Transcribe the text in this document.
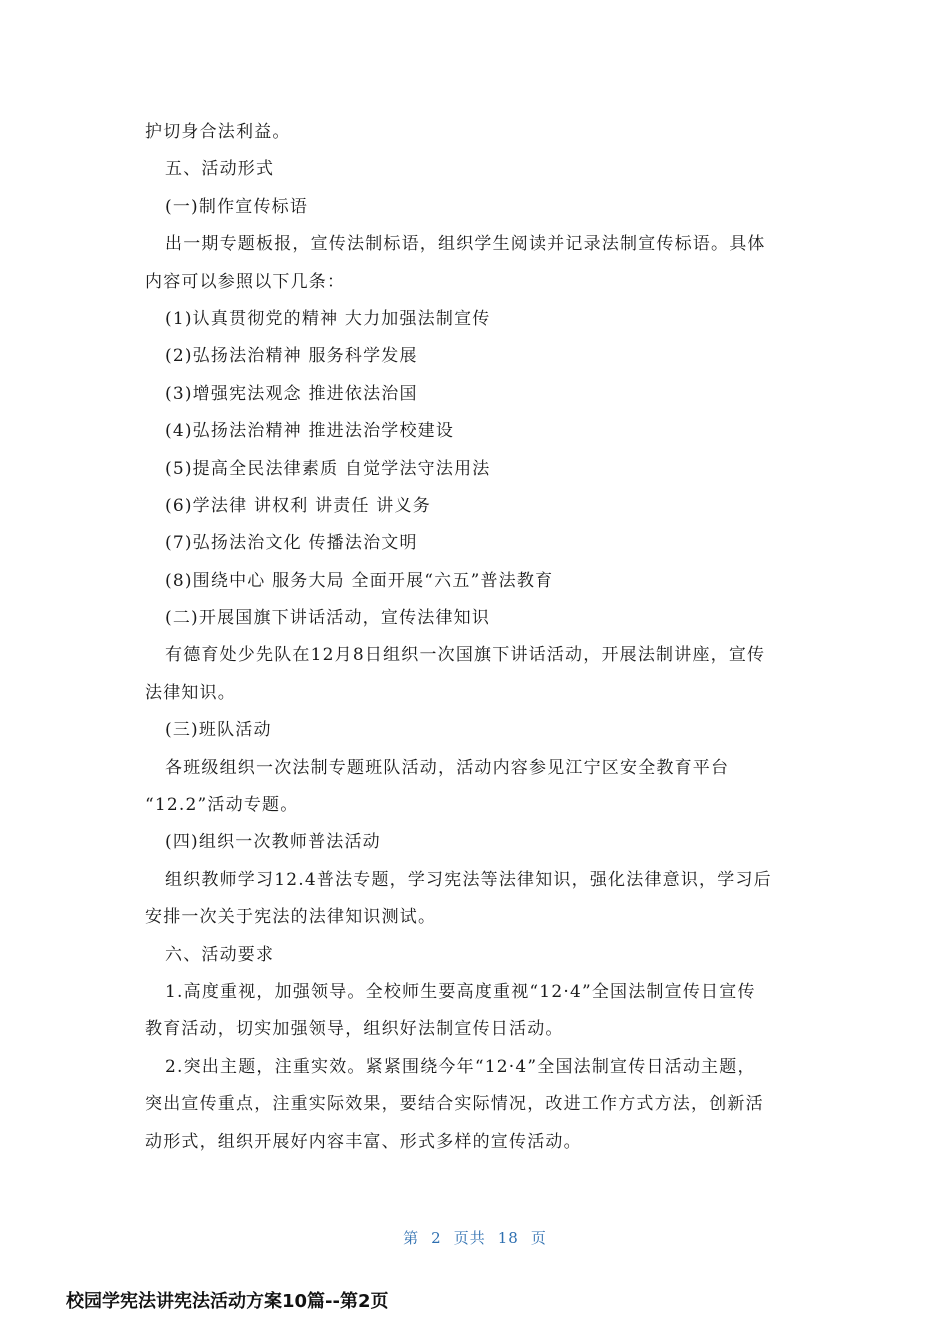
护切身合法利益。
五、活动形式
(一)制作宣传标语
出一期专题板报，宣传法制标语，组织学生阅读并记录法制宣传标语。具体
内容可以参照以下几条：
(1)认真贯彻党的精神 大力加强法制宣传
(2)弘扬法治精神 服务科学发展
(3)增强宪法观念 推进依法治国
(4)弘扬法治精神 推进法治学校建设
(5)提高全民法律素质 自觉学法守法用法
(6)学法律 讲权利 讲责任 讲义务
(7)弘扬法治文化 传播法治文明
(8)围绕中心 服务大局 全面开展“六五”普法教育
(二)开展国旗下讲话活动，宣传法律知识
有德育处少先队在12月8日组织一次国旗下讲话活动，开展法制讲座，宣传
法律知识。
(三)班队活动
各班级组织一次法制专题班队活动，活动内容参见江宁区安全教育平台
“12.2”活动专题。
(四)组织一次教师普法活动
组织教师学习12.4普法专题，学习宪法等法律知识，强化法律意识，学习后
安排一次关于宪法的法律知识测试。
六、活动要求
1.高度重视，加强领导。全校师生要高度重视“12·4”全国法制宣传日宣传
教育活动，切实加强领导，组织好法制宣传日活动。
2.突出主题，注重实效。紧紧围绕今年“12·4”全国法制宣传日活动主题，
突出宣传重点，注重实际效果，要结合实际情况，改进工作方式方法，创新活
动形式，组织开展好内容丰富、形式多样的宣传活动。
第 2 页共 18 页
校园学宪法讲宪法活动方案10篇--第2页
